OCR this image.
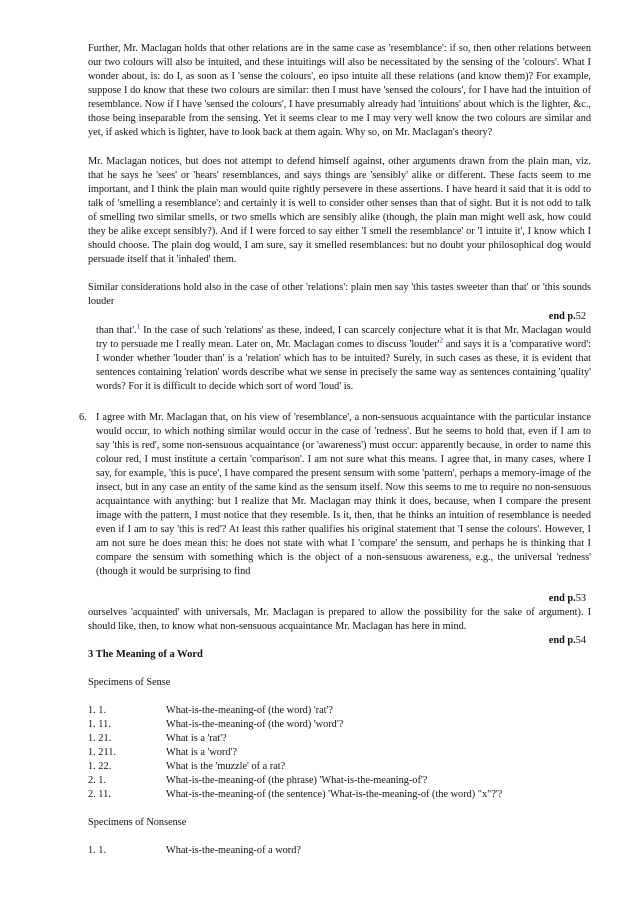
Further, Mr. Maclagan holds that other relations are in the same case as 'resemblance': if so, then other relations between our two colours will also be intuited, and these intuitings will also be necessitated by the sensing of the 'colours'. What I wonder about, is: do I, as soon as I 'sense the colours', eo ipso intuite all these relations (and know them)? For example, suppose I do know that these two colours are similar: then I must have 'sensed the colours', for I have had the intuition of resemblance. Now if I have 'sensed the colours', I have presumably already had 'intuitions' about which is the lighter, &c., those being inseparable from the sensing. Yet it seems clear to me I may very well know the two colours are similar and yet, if asked which is lighter, have to look back at them again. Why so, on Mr. Maclagan's theory?

Mr. Maclagan notices, but does not attempt to defend himself against, other arguments drawn from the plain man, viz. that he says he 'sees' or 'hears' resemblances, and says things are 'sensibly' alike or different. These facts seem to me important, and I think the plain man would quite rightly persevere in these assertions. I have heard it said that it is odd to talk of 'smelling a resemblance': and certainly it is well to consider other senses than that of sight. But it is not odd to talk of smelling two similar smells, or two smells which are sensibly alike (though, the plain man might well ask, how could they be alike except sensibly?). And if I were forced to say either 'I smell the resemblance' or 'I intuite it', I know which I should choose. The plain dog would, I am sure, say it smelled resemblances: but no doubt your philosophical dog would persuade itself that it 'inhaled' them.

Similar considerations hold also in the case of other 'relations': plain men say 'this tastes sweeter than that' or 'this sounds louder

end p.52

than that'.$^1$ In the case of such 'relations' as these, indeed, I can scarcely conjecture what it is that Mr. Maclagan would try to persuade me I really mean. Later on, Mr. Maclagan comes to discuss '$louder'^2$ and says it is a 'comparative word': I wonder whether 'louder than' is a 'relation' which has to be intuited? Surely, in such cases as these, it is evident that sentences containing 'relation' words describe what we sense in precisely the same way as sentences containing 'quality' words? For it is difficult to decide which sort of word 'loud' is.

6. I agree with Mr. Maclagan that, on his view of 'resemblance', a non-sensuous acquaintance with the particular instance would occur, to which nothing similar would occur in the case of 'redness'. But he seems to hold that, even if I am to say 'this is red', some non-sensuous acquaintance (or 'awareness') must occur: apparently because, in order to name this colour red, I must institute a certain 'comparison'. I am not sure what this means. I agree that, in many cases, where I say, for example, 'this is puce', I have compared the present sensum with some 'pattern', perhaps a memory-image of the insect, but in any case an entity of the same kind as the sensum itself. Now this seems to me to require no non-sensuous acquaintance with anything: but I realize that Mr. Maclagan may think it does, because, when I compare the present image with the pattern, I must notice that they resemble. Is it, then, that he thinks an intuition of resemblance is needed even if I am to say 'this is red'? At least this rather qualifies his original statement that 'I sense the colours'. However, I am not sure he does mean this: he does not state with what I 'compare' the sensum, and perhaps he is thinking that I compare the sensum with something which is the object of a non-sensuous awareness, e.g., the universal 'redness' (though it would be surprising to find

end p.53

ourselves 'acquainted' with universals, Mr. Maclagan is prepared to allow the possibility for the sake of argument). I should like, then, to know what non-sensuous acquaintance Mr. Maclagan has here in mind.

end p.54

3 The Meaning of a Word

Specimens of Sense

1. 1.	What-is-the-meaning-of (the word) 'rat'?
1. 11.	What-is-the-meaning-of (the word) 'word'?
1. 21.	What is a 'rat'?
1. 211.	What is a 'word'?
1. 22.	What is the 'muzzle' of a rat?
2. 1.	What-is-the-meaning-of (the phrase) 'What-is-the-meaning-of'?
2. 11.	What-is-the-meaning-of (the sentence) 'What-is-the-meaning-of (the word) "x"?'?

Specimens of Nonsense

1. 1.	What-is-the-meaning-of a word?
